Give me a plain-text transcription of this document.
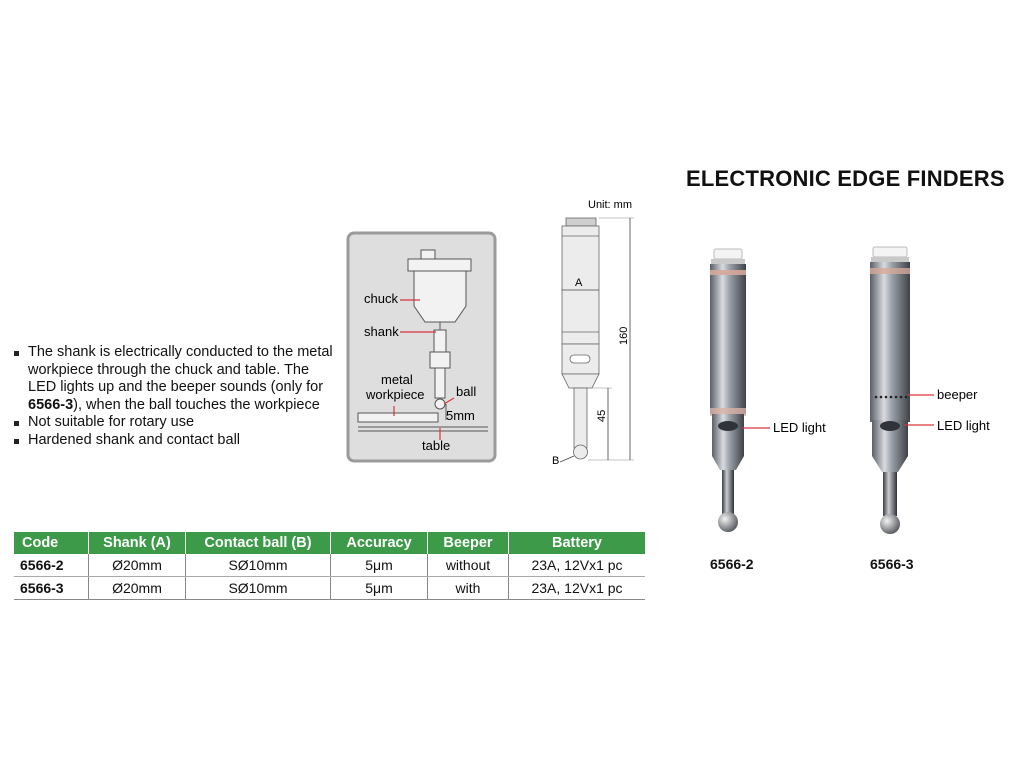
ELECTRONIC EDGE FINDERS
The shank is electrically conducted to the metal workpiece through the chuck and table. The LED lights up and the beeper sounds (only for 6566-3), when the ball touches the workpiece
Not suitable for rotary use
Hardened shank and contact ball
chuck
shank
metal
workpiece ball
5mm
table
Unit: mm
A
160
45
B
LED light
beeper
LED light
6566-2	6566-3
Code	Shank (A)	Contact ball (B)	Accuracy	Beeper	Battery
6566-2	Ø20mm	SØ10mm	5μm	without	23A, 12Vx1 pc
6566-3	Ø20mm	SØ10mm	5μm	with	23A, 12Vx1 pc
